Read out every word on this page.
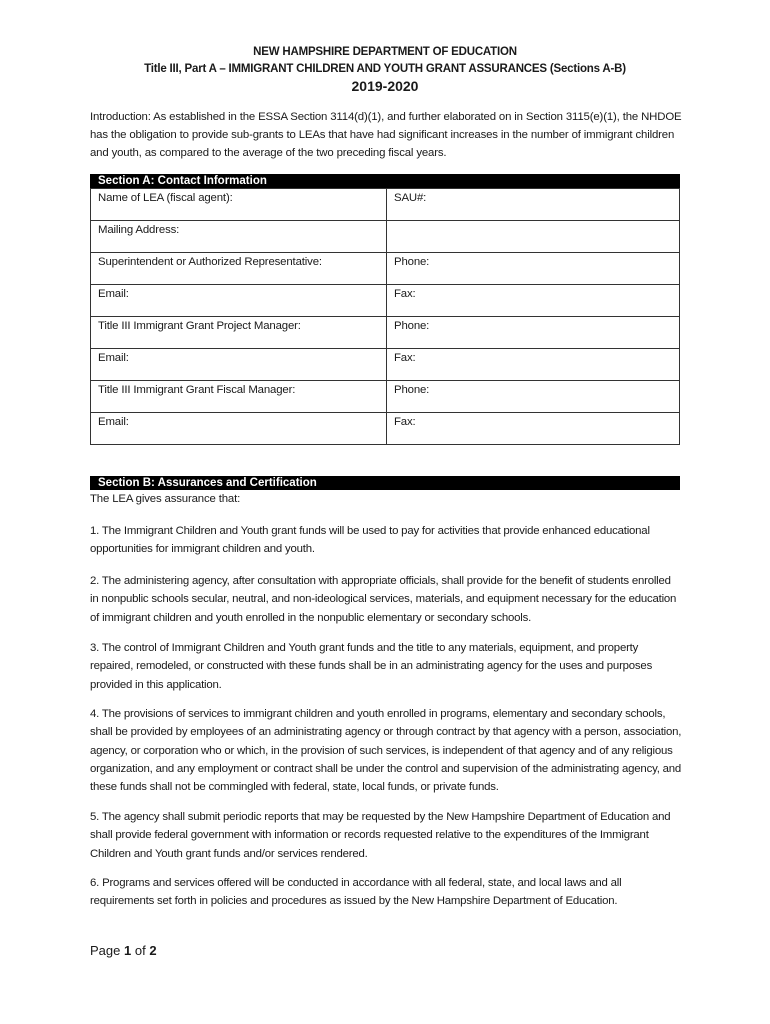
NEW HAMPSHIRE DEPARTMENT OF EDUCATION
Title III, Part A – IMMIGRANT CHILDREN AND YOUTH GRANT ASSURANCES (Sections A-B)
2019-2020
Introduction: As established in the ESSA Section 3114(d)(1), and further elaborated on in Section 3115(e)(1), the NHDOE
has the obligation to provide sub-grants to LEAs that have had significant increases in the number of immigrant children
and youth, as compared to the average of the two preceding fiscal years.
Section A: Contact Information
Name of LEA (fiscal agent):	SAU#:
Mailing Address:	
Superintendent or Authorized Representative:	Phone:
Email:	Fax:
Title III Immigrant Grant Project Manager:	Phone:
Email:	Fax:
Title III Immigrant Grant Fiscal Manager:	Phone:
Email:	Fax:
Section B: Assurances and Certification
The LEA gives assurance that:
1. The Immigrant Children and Youth grant funds will be used to pay for activities that provide enhanced educational
opportunities for immigrant children and youth.
2. The administering agency, after consultation with appropriate officials, shall provide for the benefit of students enrolled
in nonpublic schools secular, neutral, and non-ideological services, materials, and equipment necessary for the education
of immigrant children and youth enrolled in the nonpublic elementary or secondary schools.
3. The control of Immigrant Children and Youth grant funds and the title to any materials, equipment, and property
repaired, remodeled, or constructed with these funds shall be in an administrating agency for the uses and purposes
provided in this application.
4. The provisions of services to immigrant children and youth enrolled in programs, elementary and secondary schools,
shall be provided by employees of an administrating agency or through contract by that agency with a person, association,
agency, or corporation who or which, in the provision of such services, is independent of that agency and of any religious
organization, and any employment or contract shall be under the control and supervision of the administrating agency, and
these funds shall not be commingled with federal, state, local funds, or private funds.
5. The agency shall submit periodic reports that may be requested by the New Hampshire Department of Education and
shall provide federal government with information or records requested relative to the expenditures of the Immigrant
Children and Youth grant funds and/or services rendered.
6. Programs and services offered will be conducted in accordance with all federal, state, and local laws and all
requirements set forth in policies and procedures as issued by the New Hampshire Department of Education.
Page 1 of 2
